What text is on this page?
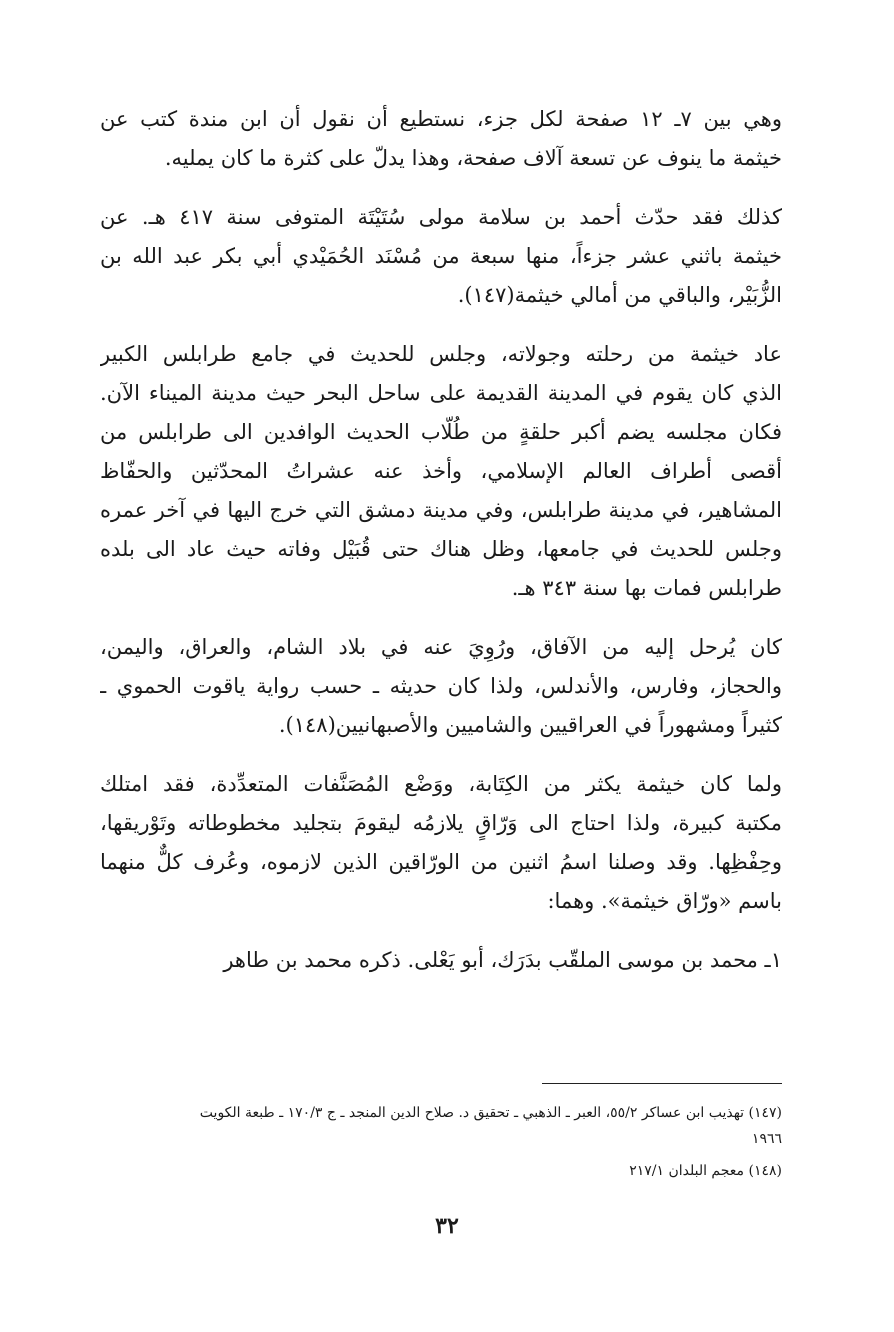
وهي بين ٧ـ ١٢ صفحة لكل جزء، نستطيع أن نقول أن ابن مندة كتب عن
خيثمة ما ينوف عن تسعة آلاف صفحة، وهذا يدلّ على كثرة ما كان يمليه.

كذلك فقد حدّث أحمد بن سلامة مولى سُتَيْتَة المتوفى سنة ٤١٧ هـ. عن
خيثمة باثني عشر جزءاً، منها سبعة من مُسْنَد الحُمَيْدي أبي بكر عبد الله بن
الزُّبَيْر، والباقي من أمالي خيثمة(١٤٧).

عاد خيثمة من رحلته وجولاته، وجلس للحديث في جامع طرابلس الكبير
الذي كان يقوم في المدينة القديمة على ساحل البحر حيث مدينة الميناء الآن.
فكان مجلسه يضم أكبر حلقةٍ من طُلّاب الحديث الوافدين الى طرابلس من
أقصى أطراف العالم الإسلامي، وأخذ عنه عشراتُ المحدّثين والحفّاظ
المشاهير، في مدينة طرابلس، وفي مدينة دمشق التي خرج اليها في آخر عمره
وجلس للحديث في جامعها، وظل هناك حتى قُبَيْل وفاته حيث عاد الى بلده
طرابلس فمات بها سنة ٣٤٣ هـ.

كان يُرحل إليه من الآفاق، ورُوِيَ عنه في بلاد الشام، والعراق، واليمن،
والحجاز، وفارس، والأندلس، ولذا كان حديثه ـ حسب رواية ياقوت الحموي ـ
كثيراً ومشهوراً في العراقيين والشاميين والأصبهانيين(١٤٨).

ولما كان خيثمة يكثر من الكِتَابة، ووَضْع المُصَنَّفات المتعدِّدة، فقد امتلك
مكتبة كبيرة، ولذا احتاج الى وَرّاقٍ يلازمُه ليقومَ بتجليد مخطوطاته وتَوْريقها،
وحِفْظِها. وقد وصلنا اسمُ اثنين من الورّاقين الذين لازموه، وعُرف كلٌّ منهما
باسم «ورّاق خيثمة». وهما:

١ـ محمد بن موسى الملقّب بدَرَك، أبو يَعْلى. ذكره محمد بن طاهر

(١٤٧) تهذيب ابن عساكر ٥٥/٢، العبر ـ الذهبي ـ تحقيق د. صلاح الدين المنجد ـ ج ١٧٠/٣ ـ طبعة الكويت
١٩٦٦
(١٤٨) معجم البلدان ٢١٧/١
٣٢
